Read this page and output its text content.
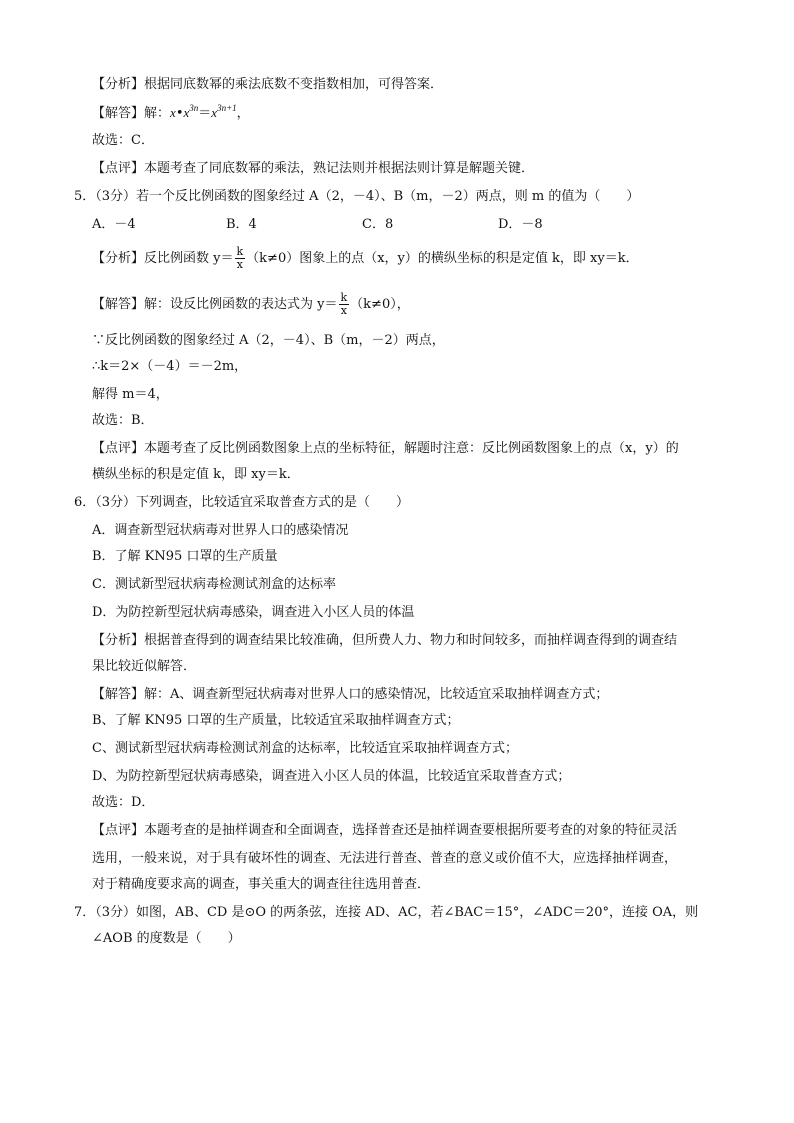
【分析】根据同底数幂的乘法底数不变指数相加，可得答案．
【解答】解：$x•x^{3n}=x^{3n+1}$，
故选：C．
【点评】本题考查了同底数幂的乘法，熟记法则并根据法则计算是解题关键．
5．（3分）若一个反比例函数的图象经过 A（2，－4）、B（m，－2）两点，则 m 的值为（　　）
A．－4	B．4	C．8	D．－8
【分析】反比例函数 $y= \frac{k}{x} (k\ne 0)$图象上的点（x，y）的横纵坐标的积是定值 k，即 xy＝k．
【解答】解：设反比例函数的表达式为 $y= \frac{k}{x} (k\ne 0)$，
∵反比例函数的图象经过 A（2，－4）、B（m，－2）两点，
∴k＝2×（－4）＝－2m，
解得 m＝4，
故选：B．
【点评】本题考查了反比例函数图象上点的坐标特征，解题时注意：反比例函数图象上的点（x，y）的
横纵坐标的积是定值 k，即 xy＝k．
6．（3分）下列调查，比较适宜采取普查方式的是（　　）
A．调查新型冠状病毒对世界人口的感染情况
B．了解 KN95 口罩的生产质量
C．测试新型冠状病毒检测试剂盒的达标率
D．为防控新型冠状病毒感染，调查进入小区人员的体温
【分析】根据普查得到的调查结果比较准确，但所费人力、物力和时间较多，而抽样调查得到的调查结
果比较近似解答．
【解答】解：A、调查新型冠状病毒对世界人口的感染情况，比较适宜采取抽样调查方式；
B、了解 KN95 口罩的生产质量，比较适宜采取抽样调查方式；
C、测试新型冠状病毒检测试剂盒的达标率，比较适宜采取抽样调查方式；
D、为防控新型冠状病毒感染，调查进入小区人员的体温，比较适宜采取普查方式；
故选：D．
【点评】本题考查的是抽样调查和全面调查，选择普查还是抽样调查要根据所要考查的对象的特征灵活
选用，一般来说，对于具有破坏性的调查、无法进行普查、普查的意义或价值不大，应选择抽样调查，
对于精确度要求高的调查，事关重大的调查往往选用普查．
7．（3分）如图，AB、CD 是⊙O 的两条弦，连接 AD、AC，若∠BAC＝15°，∠ADC＝20°，连接 OA，则
∠AOB 的度数是（　　）
